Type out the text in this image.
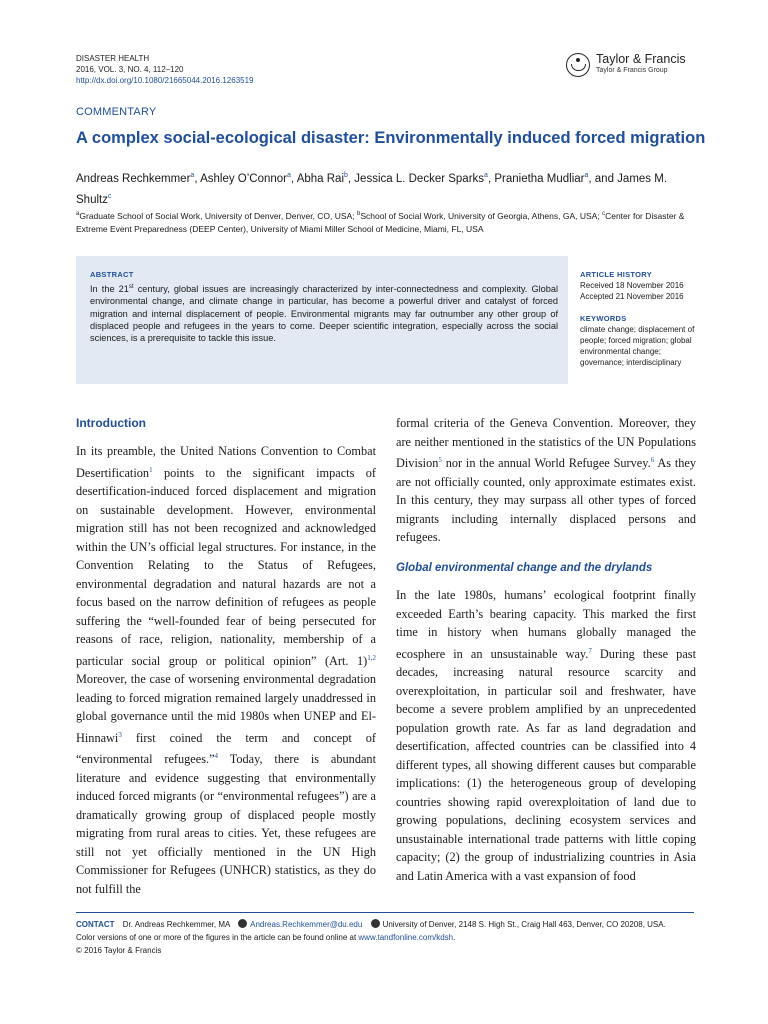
DISASTER HEALTH
2016, VOL. 3, NO. 4, 112–120
http://dx.doi.org/10.1080/21665044.2016.1263519
Taylor & Francis
Taylor & Francis Group
COMMENTARY
A complex social-ecological disaster: Environmentally induced forced migration
Andreas Rechkemmer$^a$, Ashley O’Connor$^a$, Abha Rai$^b$, Jessica L. Decker Sparks$^a$, Pranietha Mudliar$^a$, and James M. Shultz$^c$
$^a$Graduate School of Social Work, University of Denver, Denver, CO, USA; $^b$School of Social Work, University of Georgia, Athens, GA, USA; $^c$Center for Disaster & Extreme Event Preparedness (DEEP Center), University of Miami Miller School of Medicine, Miami, FL, USA
ABSTRACT
In the 21st century, global issues are increasingly characterized by inter-connectedness and complexity. Global environmental change, and climate change in particular, has become a powerful driver and catalyst of forced migration and internal displacement of people. Environmental migrants may far outnumber any other group of displaced people and refugees in the years to come. Deeper scientific integration, especially across the social sciences, is a prerequisite to tackle this issue.
ARTICLE HISTORY
Received 18 November 2016
Accepted 21 November 2016
KEYWORDS
climate change; displacement of people; forced migration; global environmental change; governance; interdisciplinary
Introduction

In its preamble, the United Nations Convention to Combat Desertification$^1$ points to the significant impacts of desertification-induced forced displacement and migration on sustainable development. However, environmental migration still has not been recognized and acknowledged within the UN’s official legal structures. For instance, in the Convention Relating to the Status of Refugees, environmental degradation and natural hazards are not a focus based on the narrow definition of refugees as people suffering the “well-founded fear of being persecuted for reasons of race, religion, nationality, membership of a particular social group or political opinion” (Art. 1)$^{1,2}$ Moreover, the case of worsening environmental degradation leading to forced migration remained largely unaddressed in global governance until the mid 1980s when UNEP and El-Hinnawi$^3$ first coined the term and concept of “environmental refugees.”$^4$ Today, there is abundant literature and evidence suggesting that environmentally induced forced migrants (or “environmental refugees”) are a dramatically growing group of displaced people mostly migrating from rural areas to cities. Yet, these refugees are still not yet officially mentioned in the UN High Commissioner for Refugees (UNHCR) statistics, as they do not fulfill the

formal criteria of the Geneva Convention. Moreover, they are neither mentioned in the statistics of the UN Populations Division$^5$ nor in the annual World Refugee Survey.$^6$ As they are not officially counted, only approximate estimates exist. In this century, they may surpass all other types of forced migrants including internally displaced persons and refugees.

Global environmental change and the drylands

In the late 1980s, humans’ ecological footprint finally exceeded Earth’s bearing capacity. This marked the first time in history when humans globally managed the ecosphere in an unsustainable way.$^7$ During these past decades, increasing natural resource scarcity and overexploitation, in particular soil and freshwater, have become a severe problem amplified by an unprecedented population growth rate. As far as land degradation and desertification, affected countries can be classified into 4 different types, all showing different causes but comparable implications: (1) the heterogeneous group of developing countries showing rapid overexploitation of land due to growing populations, declining ecosystem services and unsustainable international trade patterns with little coping capacity; (2) the group of industrializing countries in Asia and Latin America with a vast expansion of food

CONTACT Dr. Andreas Rechkemmer, MA	Andreas.Rechkemmer@du.edu	University of Denver, 2148 S. High St., Craig Hall 463, Denver, CO 20208, USA.
Color versions of one or more of the figures in the article can be found online at www.tandfonline.com/kdsh.
© 2016 Taylor & Francis
